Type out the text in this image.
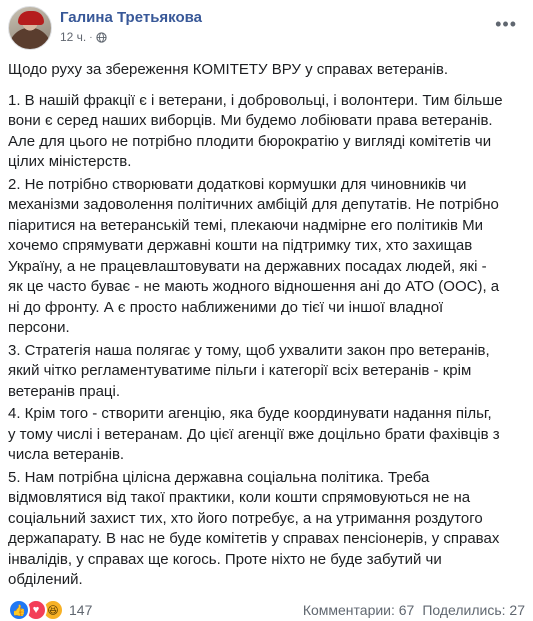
Галина Третьякова
12 ч. ·
•••

Щодо руху за збереження КОМІТЕТУ ВРУ у справах ветеранів.

1. В нашій фракції є і ветерани, і добровольці, і волонтери. Тим більше
вони є серед наших виборців. Ми будемо лобіювати права ветеранів.
Але для цього не потрібно плодити бюрократію у вигляді комітетів чи
цілих міністерств.

2. Не потрібно створювати додаткові кормушки для чиновників чи
механізми задоволення політичних амбіцій для депутатів. Не потрібно
піаритися на ветеранській темі, плекаючи надмірне его політиків Ми
хочемо спрямувати державні кошти на підтримку тих, хто захищав
Україну, а не працевлаштовувати на державних посадах людей, які -
як це часто буває - не мають жодного відношення ані до АТО (ООС), а
ні до фронту. А є просто наближеними до тієї чи іншої владної
персони.

3. Стратегія наша полягає у тому, щоб ухвалити закон про ветеранів,
який чітко регламентуватиме пільги і категорії всіх ветеранів - крім
ветеранів праці.

4. Крім того - створити агенцію, яка буде координувати надання пільг,
у тому числі і ветеранам. До цієї агенції вже доцільно брати фахівців з
числа ветеранів.

5. Нам потрібна цілісна державна соціальна політика. Треба
відмовлятися від такої практики, коли кошти спрямовуються не на
соціальний захист тих, хто його потребує, а на утримання роздутого
держапарату. В нас не буде комітетів у справах пенсіонерів, у справах
інвалідів, у справах ще когось. Проте ніхто не буде забутий чи
обділений.

👍 ♥ 😆 147	Комментарии: 67 Поделились: 27
